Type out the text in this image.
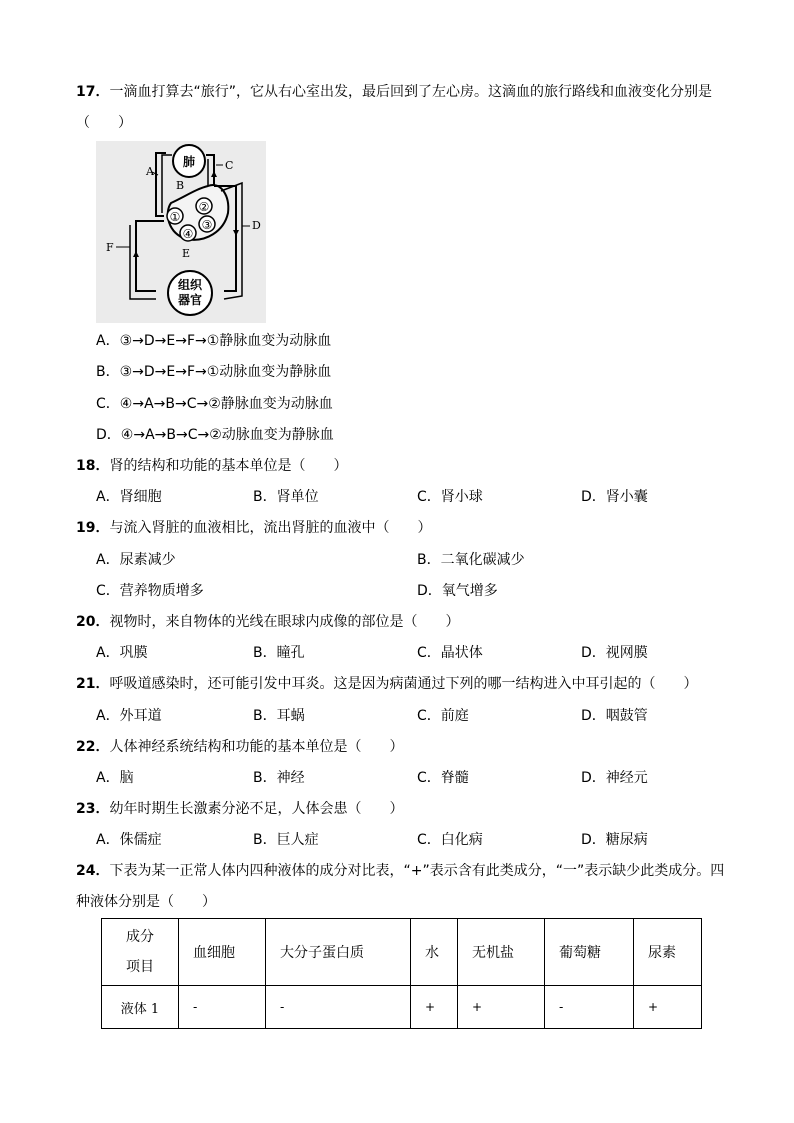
17．一滴血打算去“旅行”，它从右心室出发，最后回到了左心房。这滴血的旅行路线和血液变化分别是
（　　）
肺
①
②
③
④
组织
器官
A
B
C
D
E
F
A．③→D→E→F→①静脉血变为动脉血
B．③→D→E→F→①动脉血变为静脉血
C．④→A→B→C→②静脉血变为动脉血
D．④→A→B→C→②动脉血变为静脉血
18．肾的结构和功能的基本单位是（　　）
A．肾细胞	B．肾单位	C．肾小球	D．肾小囊
19．与流入肾脏的血液相比，流出肾脏的血液中（　　）
A．尿素减少	B．二氧化碳减少
C．营养物质增多	D．氧气增多
20．视物时，来自物体的光线在眼球内成像的部位是（　　）
A．巩膜	B．瞳孔	C．晶状体	D．视网膜
21．呼吸道感染时，还可能引发中耳炎。这是因为病菌通过下列的哪一结构进入中耳引起的（　　）
A．外耳道	B．耳蜗	C．前庭	D．咽鼓管
22．人体神经系统结构和功能的基本单位是（　　）
A．脑	B．神经	C．脊髓	D．神经元
23．幼年时期生长激素分泌不足，人体会患（　　）
A．侏儒症	B．巨人症	C．白化病	D．糖尿病
24．下表为某一正常人体内四种液体的成分对比表，“+”表示含有此类成分，“一”表示缺少此类成分。四
种液体分别是（　　）
成分
项目	血细胞	大分子蛋白质	水	无机盐	葡萄糖	尿素
液体 1	-	-	+	+	-	+
